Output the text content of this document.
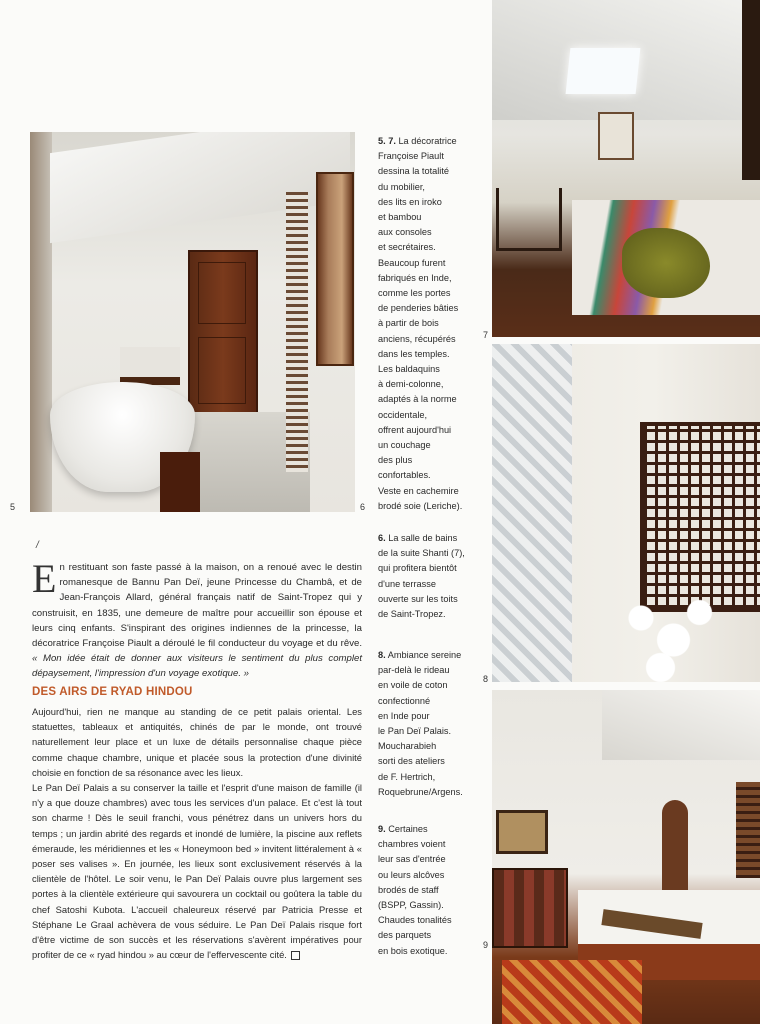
5	6
7
8
9
5. 7. La décoratrice
Françoise Piault
dessina la totalité
du mobilier,
des lits en iroko
et bambou
aux consoles
et secrétaires.
Beaucoup furent
fabriqués en Inde,
comme les portes
de penderies bâties
à partir de bois
anciens, récupérés
dans les temples.
Les baldaquins
à demi-colonne,
adaptés à la norme
occidentale,
offrent aujourd'hui
un couchage
des plus
confortables.
Veste en cachemire
brodé soie (Leriche).
6. La salle de bains
de la suite Shanti (7),
qui profitera bientôt
d'une terrasse
ouverte sur les toits
de Saint-Tropez.
8. Ambiance sereine
par-delà le rideau
en voile de coton
confectionné
en Inde pour
le Pan Deï Palais.
Moucharabieh
sorti des ateliers
de F. Hertrich,
Roquebrune/Argens.
9. Certaines
chambres voient
leur sas d'entrée
ou leurs alcôves
brodés de staff
(BSPP, Gassin).
Chaudes tonalités
des parquets
en bois exotique.
/

En restituant son faste passé à la maison, on a renoué avec le destin romanesque de Bannu Pan Deï, jeune Princesse du Chambâ, et de Jean-François Allard, général français natif de Saint-Tropez qui y construisit, en 1835, une demeure de maître pour accueillir son épouse et leurs cinq enfants. S'inspirant des origines indiennes de la princesse, la décoratrice Françoise Piault a déroulé le fil conducteur du voyage et du rêve. « Mon idée était de donner aux visiteurs le sentiment du plus complet dépaysement, l'impression d'un voyage exotique. »

DES AIRS DE RYAD HINDOU

Aujourd'hui, rien ne manque au standing de ce petit palais oriental. Les statuettes, tableaux et antiquités, chinés de par le monde, ont trouvé naturellement leur place et un luxe de détails personnalise chaque pièce comme chaque chambre, unique et placée sous la protection d'une divinité choisie en fonction de sa résonance avec les lieux.

Le Pan Deï Palais a su conserver la taille et l'esprit d'une maison de famille (il n'y a que douze chambres) avec tous les services d'un palace. Et c'est là tout son charme ! Dès le seuil franchi, vous pénétrez dans un univers hors du temps ; un jardin abrité des regards et inondé de lumière, la piscine aux reflets émeraude, les méridiennes et les « Honeymoon bed » invitent littéralement à « poser ses valises ». En journée, les lieux sont exclusivement réservés à la clientèle de l'hôtel. Le soir venu, le Pan Deï Palais ouvre plus largement ses portes à la clientèle extérieure qui savourera un cocktail ou goûtera la table du chef Satoshi Kubota. L'accueil chaleureux réservé par Patricia Presse et Stéphane Le Graal achèvera de vous séduire. Le Pan Deï Palais risque fort d'être victime de son succès et les réservations s'avèrent impératives pour profiter de ce « ryad hindou » au cœur de l'effervescente cité.
